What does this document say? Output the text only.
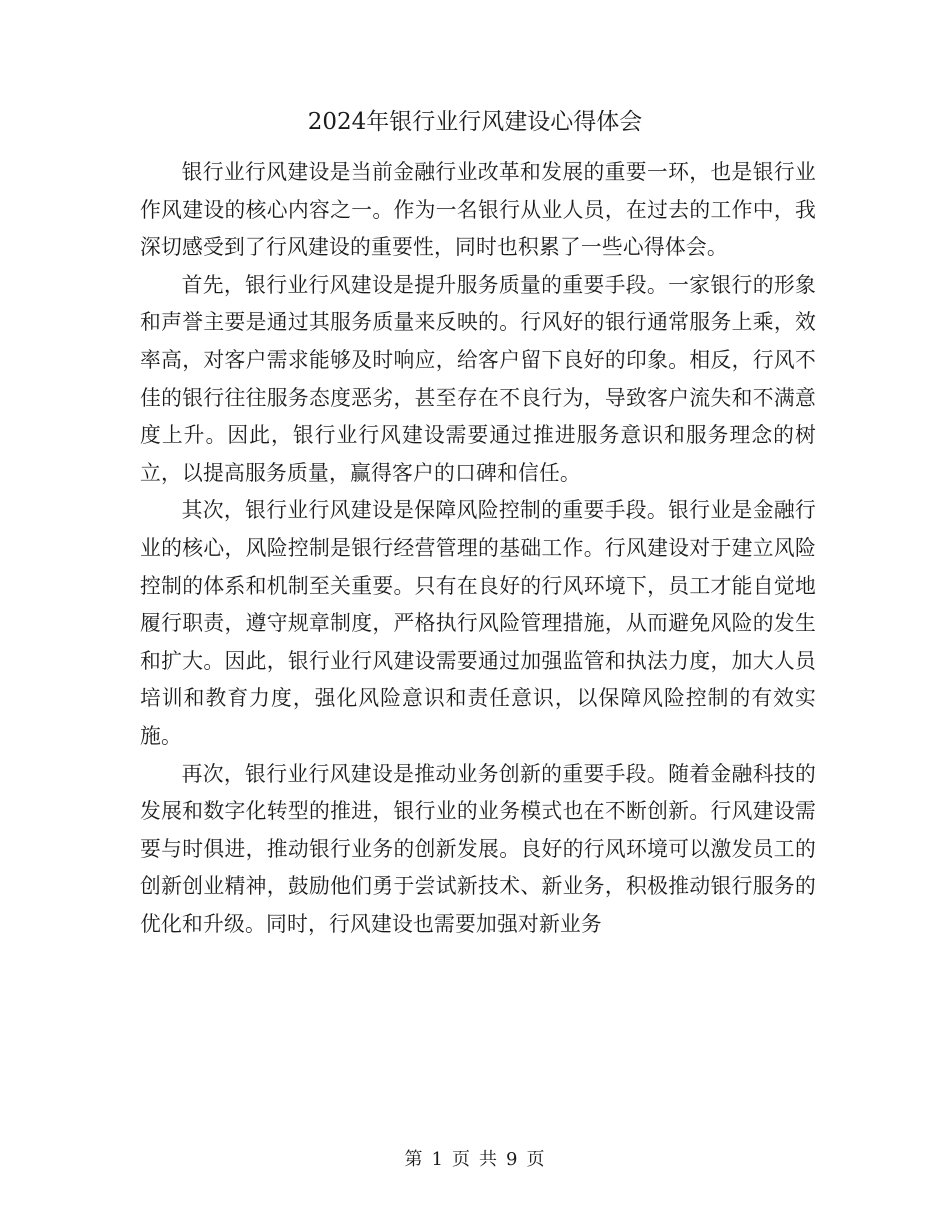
2024年银行业行风建设心得体会

银行业行风建设是当前金融行业改革和发展的重要一环，也是银行业作风建设的核心内容之一。作为一名银行从业人员，在过去的工作中，我深切感受到了行风建设的重要性，同时也积累了一些心得体会。

首先，银行业行风建设是提升服务质量的重要手段。一家银行的形象和声誉主要是通过其服务质量来反映的。行风好的银行通常服务上乘，效率高，对客户需求能够及时响应，给客户留下良好的印象。相反，行风不佳的银行往往服务态度恶劣，甚至存在不良行为，导致客户流失和不满意度上升。因此，银行业行风建设需要通过推进服务意识和服务理念的树立，以提高服务质量，赢得客户的口碑和信任。

其次，银行业行风建设是保障风险控制的重要手段。银行业是金融行业的核心，风险控制是银行经营管理的基础工作。行风建设对于建立风险控制的体系和机制至关重要。只有在良好的行风环境下，员工才能自觉地履行职责，遵守规章制度，严格执行风险管理措施，从而避免风险的发生和扩大。因此，银行业行风建设需要通过加强监管和执法力度，加大人员培训和教育力度，强化风险意识和责任意识，以保障风险控制的有效实施。

再次，银行业行风建设是推动业务创新的重要手段。随着金融科技的发展和数字化转型的推进，银行业的业务模式也在不断创新。行风建设需要与时俱进，推动银行业务的创新发展。良好的行风环境可以激发员工的创新创业精神，鼓励他们勇于尝试新技术、新业务，积极推动银行服务的优化和升级。同时，行风建设也需要加强对新业务

第 1 页 共 9 页
